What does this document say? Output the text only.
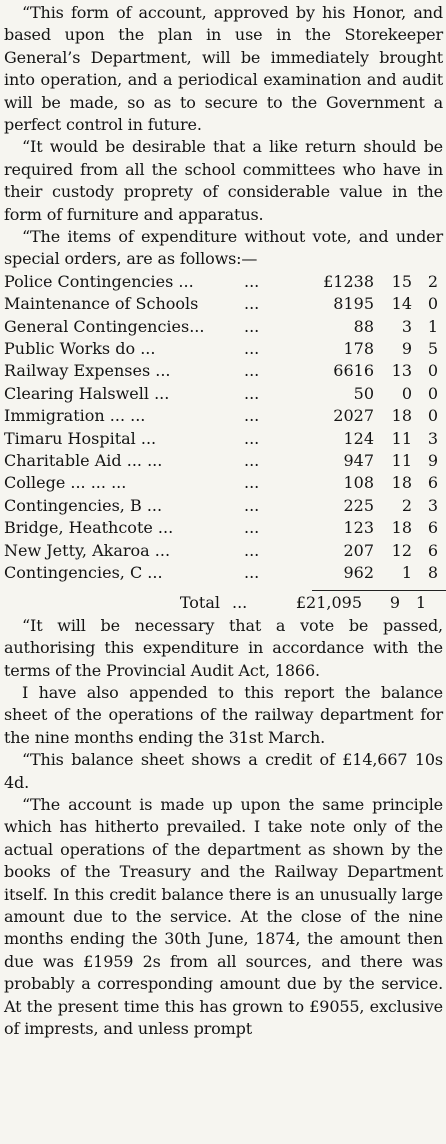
“This form of account, approved by his Honor, and based upon the plan in use in the Storekeeper General’s Department, will be immediately brought into operation, and a periodical examination and audit will be made, so as to secure to the Government a perfect control in future.

“It would be desirable that a like return should be required from all the school committees who have in their custody proprety of considerable value in the form of furniture and apparatus.

“The items of expenditure without vote, and under special orders, are as follows:—

Police Contingencies ...	...	£1238	15 2
Maintenance of Schools	...	8195	14 0
General Contingencies...	...	88	3 1
Public Works do ...	...	178	9 5
Railway Expenses ...	...	6616	13 0
Clearing Halswell ...	...	50	0 0
Immigration ... ...	...	2027	18 0
Timaru Hospital ...	...	124	11 3
Charitable Aid ... ...	...	947	11 9
College ... ... ...	...	108	18 6
Contingencies, B ...	...	225	2 3
Bridge, Heathcote ...	...	123	18 6
New Jetty, Akaroa ...	...	207	12 6
Contingencies, C ...	...	962	1 8
Total ...	£21,095	9 1

“It will be necessary that a vote be passed, authorising this expenditure in accordance with the terms of the Provincial Audit Act, 1866.

I have also appended to this report the balance sheet of the operations of the railway department for the nine months ending the 31st March.

“This balance sheet shows a credit of £14,667 10s 4d.

“The account is made up upon the same principle which has hitherto prevailed. I take note only of the actual operations of the department as shown by the books of the Treasury and the Railway Department itself. In this credit balance there is an unusually large amount due to the service. At the close of the nine months ending the 30th June, 1874, the amount then due was £1959 2s from all sources, and there was probably a corresponding amount due by the service. At the present time this has grown to £9055, exclusive of imprests, and unless prompt
